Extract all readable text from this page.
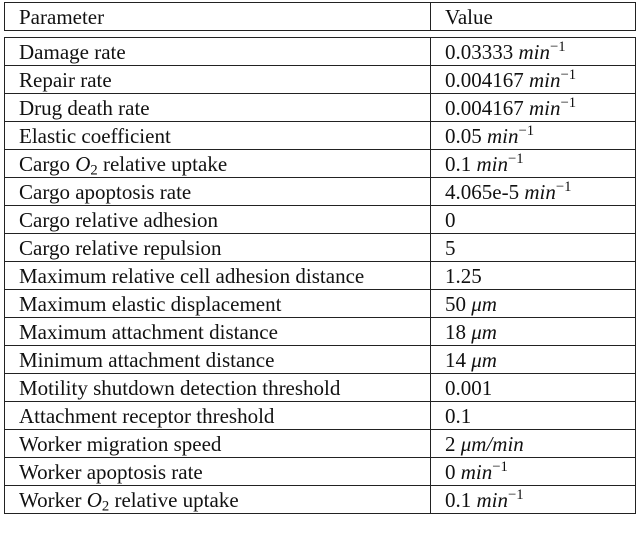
Parameter	Value

Damage rate	0.03333 $\min^{-1}$
Repair rate	0.004167 $\min^{-1}$
Drug death rate	0.004167 $\min^{-1}$
Elastic coefficient	0.05 $\min^{-1}$
Cargo $O_2$ relative uptake	0.1 $\min^{-1}$
Cargo apoptosis rate	4.065e-5 $\min^{-1}$
Cargo relative adhesion	0
Cargo relative repulsion	5
Maximum relative cell adhesion distance	1.25
Maximum elastic displacement	50 μm
Maximum attachment distance	18 μm
Minimum attachment distance	14 μm
Motility shutdown detection threshold	0.001
Attachment receptor threshold	0.1
Worker migration speed	2 μm/min
Worker apoptosis rate	0 $\min^{-1}$
Worker $O_2$ relative uptake	0.1 $\min^{-1}$
